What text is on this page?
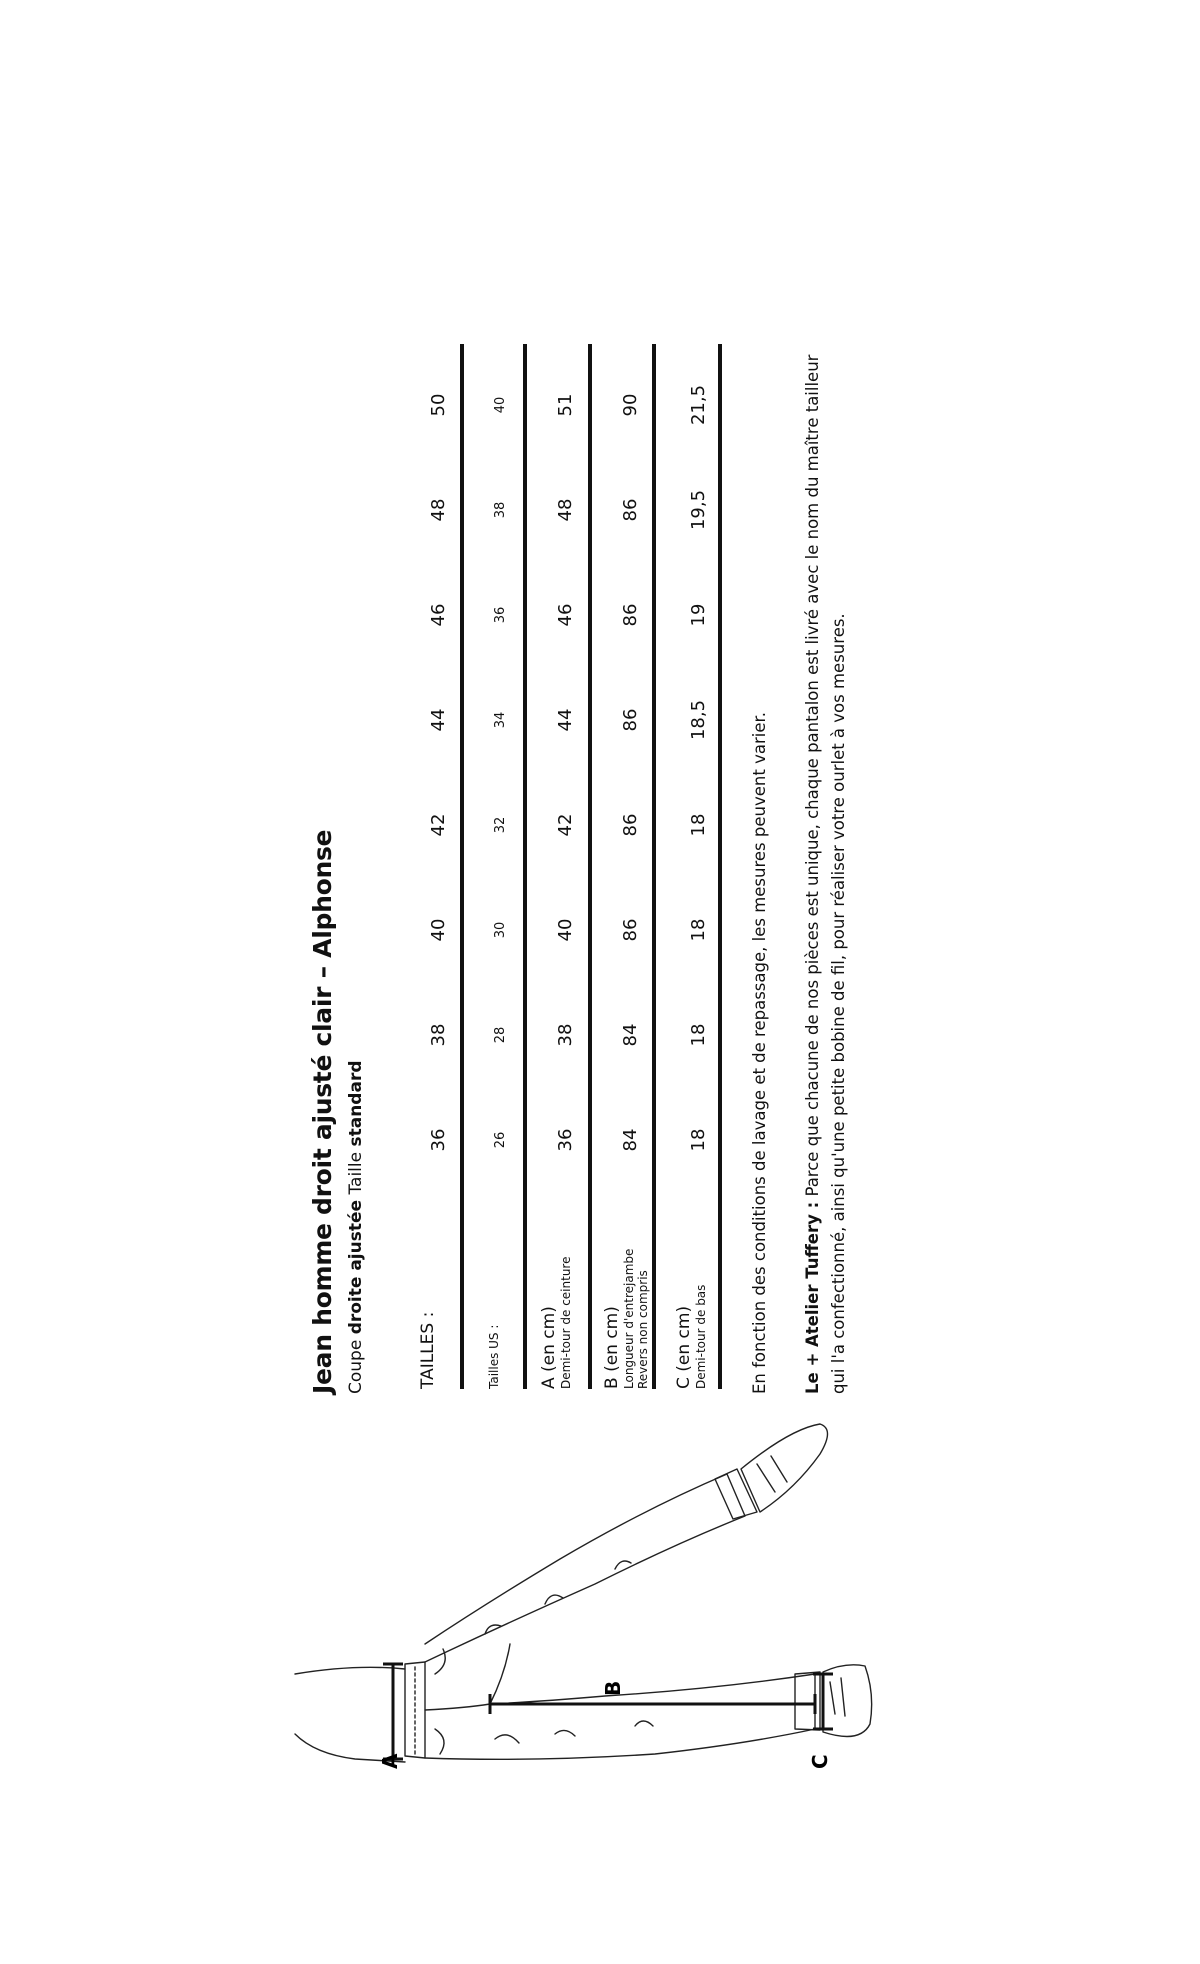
Jean homme droit ajusté clair – Alphonse Coupe droite ajustée Taille standard	En fonction des conditions de lavage et de repassage, les mesures peuvent varier. Le + Atelier Tuffery : Parce que chacune de nos pièces est unique, chaque pantalon est livré avec le nom du maître tailleur qui l'a confectionné, ainsi qu'une petite bobine de fil, pour réaliser votre ourlet à vos mesures.
A
B
C
TAILLES :
36
38
40
42
44
46
48
50
Tailles US :
26
28
30
32
34
36
38
40
A (en cm) Demi-tour de ceinture
36
38
40
42
44
46
48
51
B (en cm) Longueur d'entrejambe Revers non compris
84
84
86
86
86
86
86
90
C (en cm) Demi-tour de bas
18
18
18
18
18,5
19
19,5
21,5
